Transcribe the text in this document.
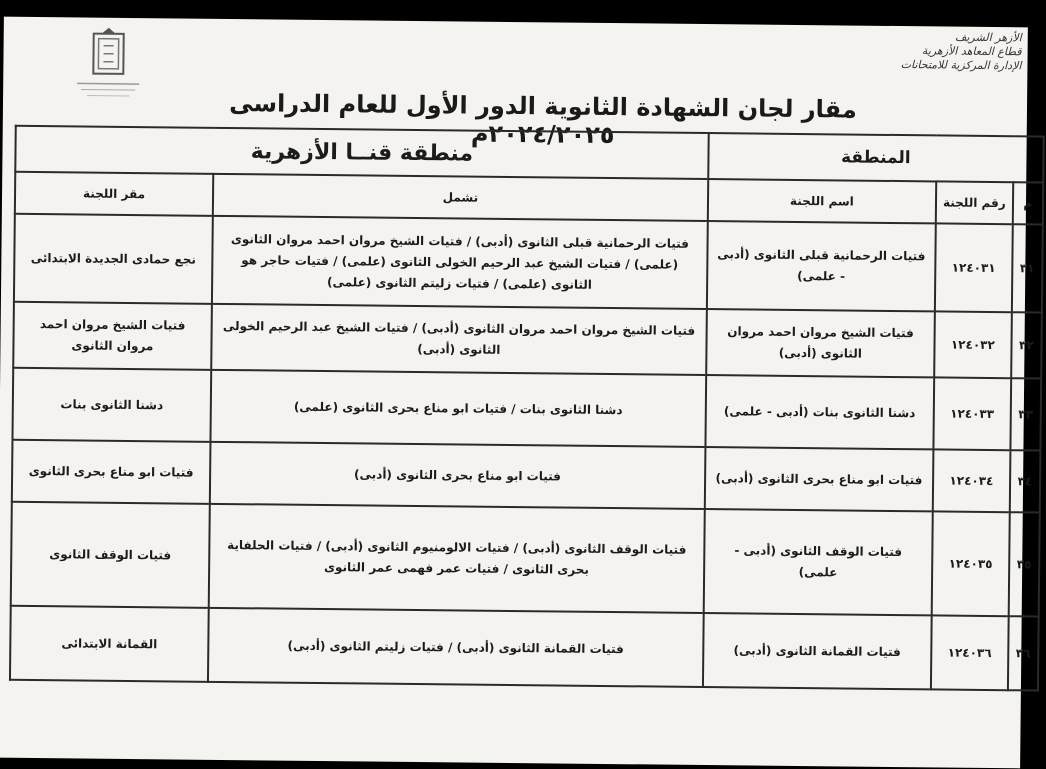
الأزهر الشريف
قطاع المعاهد الأزهرية
الإدارة المركزية للامتحانات
مقار لجان الشهادة الثانوية الدور الأول للعام الدراسى ٢٠٢٤/٢٠٢٥م
المنطقة			منطقة قنــا الأزهرية	
م	رقم اللجنة	اسم اللجنة	تشمل	مقر اللجنة
٣١	١٢٤٠٣١	فتيات الرحمانية قبلى الثانوى (أدبى - علمى)	فتيات الرحمانية قبلى الثانوى (أدبى) / فتيات الشيخ مروان احمد مروان الثانوى (علمى) / فتيات الشيخ عبد الرحيم الخولى الثانوى (علمى) / فتيات حاجر هو الثانوى (علمى) / فتيات زليتم الثانوى (علمى)	نجع حمادى الجديدة الابتدائى
٣٢	١٢٤٠٣٢	فتيات الشيخ مروان احمد مروان الثانوى (أدبى)	فتيات الشيخ مروان احمد مروان الثانوى (أدبى) / فتيات الشيخ عبد الرحيم الخولى الثانوى (أدبى)	فتيات الشيخ مروان احمد مروان الثانوى
٣٣	١٢٤٠٣٣	دشنا الثانوى بنات (أدبى - علمى)	دشنا الثانوى بنات / فتيات ابو مناع بحرى الثانوى (علمى)	دشنا الثانوى بنات
٣٤	١٢٤٠٣٤	فتيات ابو مناع بحرى الثانوى (أدبى)	فتيات ابو مناع بحرى الثانوى (أدبى)	فتيات ابو مناع بحرى الثانوى
٣٥	١٢٤٠٣٥	فتيات الوقف الثانوى (أدبى - علمى)	فتيات الوقف الثانوى (أدبى) / فتيات الالومنيوم الثانوى (أدبى) / فتيات الحلفاية بحرى الثانوى / فتيات عمر فهمى عمر الثانوى	فتيات الوقف الثانوى
٣٦	١٢٤٠٣٦	فتيات القمانة الثانوى (أدبى)	فتيات القمانة الثانوى (أدبى) / فتيات زليتم الثانوى (أدبى)	القمانة الابتدائى
